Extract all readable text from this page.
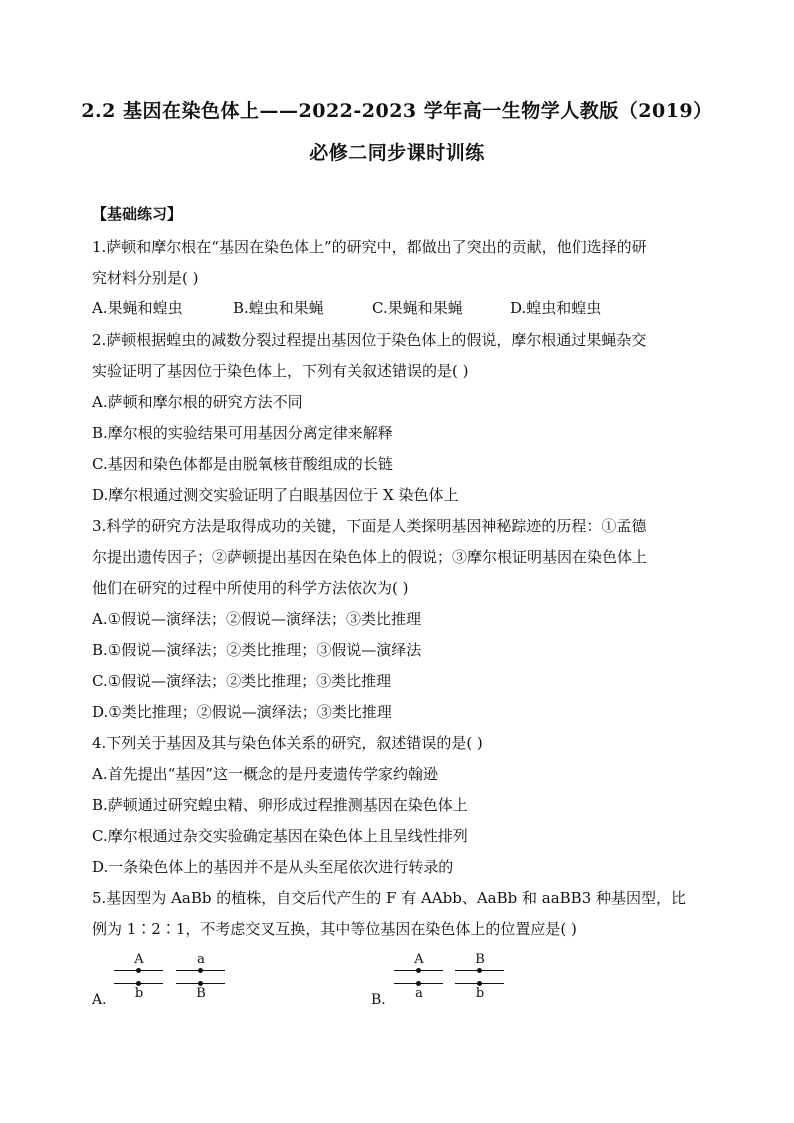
2.2 基因在染色体上——2022-2023 学年高一生物学人教版（2019）
必修二同步课时训练
【基础练习】
1.萨顿和摩尔根在“基因在染色体上”的研究中，都做出了突出的贡献，他们选择的研
究材料分别是( )
A.果蝇和蝗虫	B.蝗虫和果蝇	C.果蝇和果蝇	D.蝗虫和蝗虫
2.萨顿根据蝗虫的减数分裂过程提出基因位于染色体上的假说，摩尔根通过果蝇杂交
实验证明了基因位于染色体上，下列有关叙述错误的是( )
A.萨顿和摩尔根的研究方法不同
B.摩尔根的实验结果可用基因分离定律来解释
C.基因和染色体都是由脱氧核苷酸组成的长链
D.摩尔根通过测交实验证明了白眼基因位于 X 染色体上
3.科学的研究方法是取得成功的关键，下面是人类探明基因神秘踪迹的历程：①孟德
尔提出遗传因子；②萨顿提出基因在染色体上的假说；③摩尔根证明基因在染色体上
他们在研究的过程中所使用的科学方法依次为( )
A.①假说—演绎法；②假说—演绎法；③类比推理
B.①假说—演绎法；②类比推理；③假说—演绎法
C.①假说—演绎法；②类比推理；③类比推理
D.①类比推理；②假说—演绎法；③类比推理
4.下列关于基因及其与染色体关系的研究，叙述错误的是( )
A.首先提出“基因”这一概念的是丹麦遗传学家约翰逊
B.萨顿通过研究蝗虫精、卵形成过程推测基因在染色体上
C.摩尔根通过杂交实验确定基因在染色体上且呈线性排列
D.一条染色体上的基因并不是从头至尾依次进行转录的
5.基因型为 AaBb 的植株，自交后代产生的 F 有 AAbb、AaBb 和 aaBB3 种基因型，比
例为 1∶2∶1，不考虑交叉互换，其中等位基因在染色体上的位置应是( )
A.
A	a
b	B	B.
A	B
a	b
